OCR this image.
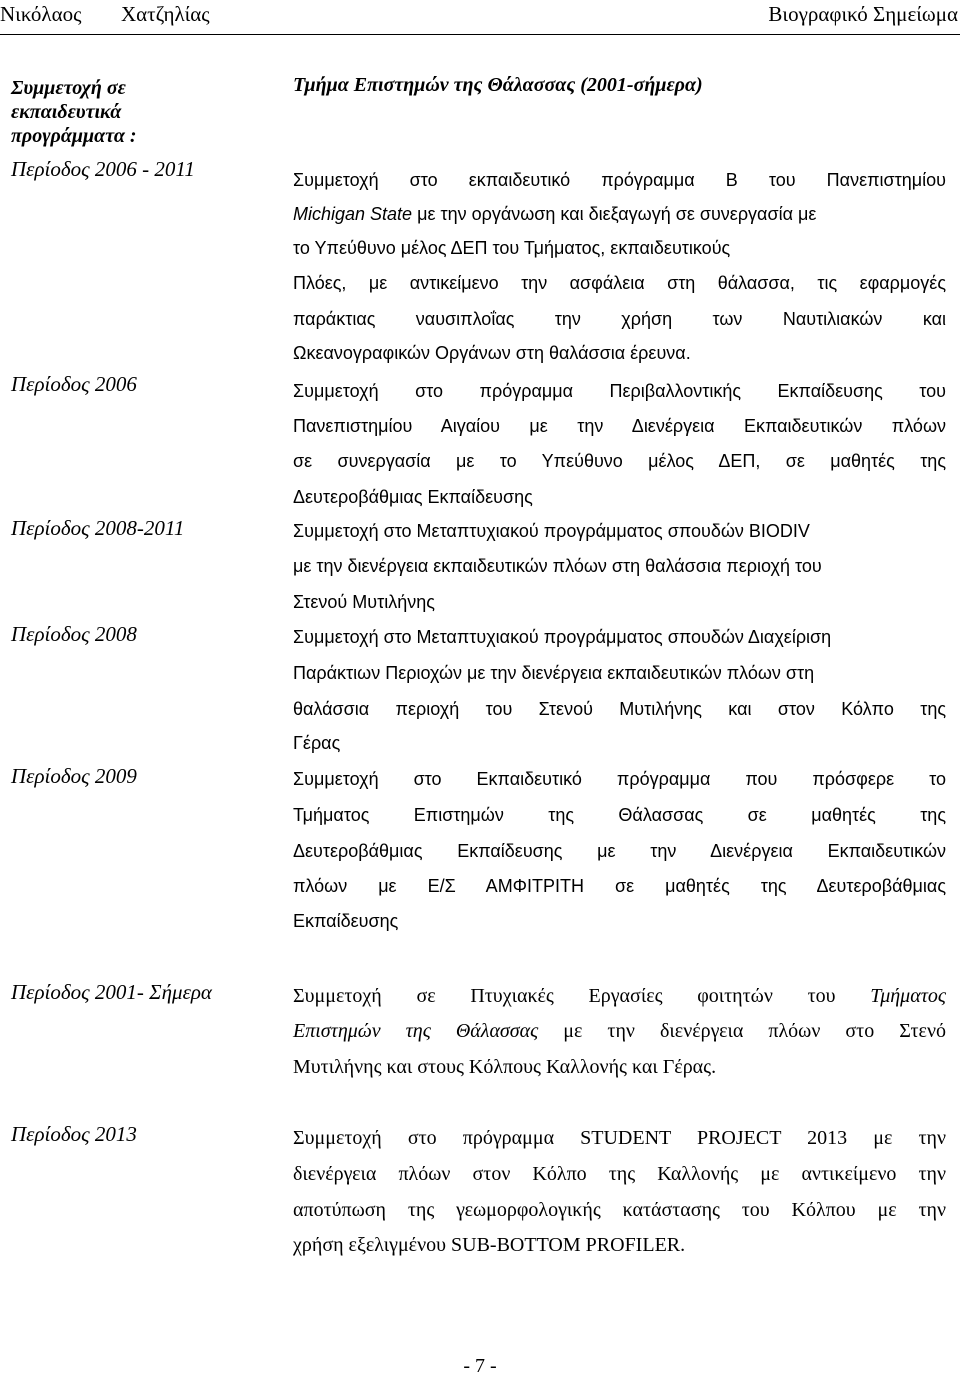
Νικόλαος Χατζηλίας	Βιογραφικό Σημείωμα
Συμμετοχή σε
εκπαιδευτικά
προγράμματα :
Περίοδος 2006 - 2011
Περίοδος 2006
Περίοδος 2008-2011
Περίοδος 2008
Περίοδος 2009
Περίοδος 2001- Σήμερα
Περίοδος 2013
Τμήμα Επιστημών της Θάλασσας (2001-σήμερα)
Συμμετοχή στο εκπαιδευτικό πρόγραμμα Β του Πανεπιστημίου
Michigan State με την οργάνωση και διεξαγωγή σε συνεργασία με
το Υπεύθυνο μέλος ΔΕΠ του Τμήματος, εκπαιδευτικούς
Πλόες, με αντικείμενο την ασφάλεια στη θάλασσα, τις εφαρμογές
παράκτιας ναυσιπλοΐας την χρήση των Ναυτιλιακών και
Ωκεανογραφικών Οργάνων στη θαλάσσια έρευνα.
Συμμετοχή στο πρόγραμμα Περιβαλλοντικής Εκπαίδευσης του
Πανεπιστημίου Αιγαίου με την Διενέργεια Εκπαιδευτικών πλόων
σε συνεργασία με το Υπεύθυνο μέλος ΔΕΠ, σε μαθητές της
Δευτεροβάθμιας Εκπαίδευσης
Συμμετοχή στο Μεταπτυχιακού προγράμματος σπουδών BIODIV
με την διενέργεια εκπαιδευτικών πλόων στη θαλάσσια περιοχή του
Στενού Μυτιλήνης
Συμμετοχή στο Μεταπτυχιακού προγράμματος σπουδών Διαχείριση
Παράκτιων Περιοχών με την διενέργεια εκπαιδευτικών πλόων στη
θαλάσσια περιοχή του Στενού Μυτιλήνης και στον Κόλπο της
Γέρας
Συμμετοχή στο Εκπαιδευτικό πρόγραμμα που πρόσφερε το
Τμήματος Επιστημών της Θάλασσας σε μαθητές της
Δευτεροβάθμιας Εκπαίδευσης με την Διενέργεια Εκπαιδευτικών
πλόων με Ε/Σ ΑΜΦΙΤΡΙΤΗ σε μαθητές της Δευτεροβάθμιας
Εκπαίδευσης
Συμμετοχή σε Πτυχιακές Εργασίες φοιτητών του Τμήματος
Επιστημών της Θάλασσας με την διενέργεια πλόων στο Στενό
Μυτιλήνης και στους Κόλπους Καλλονής και Γέρας.
Συμμετοχή στο πρόγραμμα STUDENT PROJECT 2013 με την
διενέργεια πλόων στον Κόλπο της Καλλονής με αντικείμενο την
αποτύπωση της γεωμορφολογικής κατάστασης του Κόλπου με την
χρήση εξελιγμένου SUB-BOTTOM PROFILER.
- 7 -
